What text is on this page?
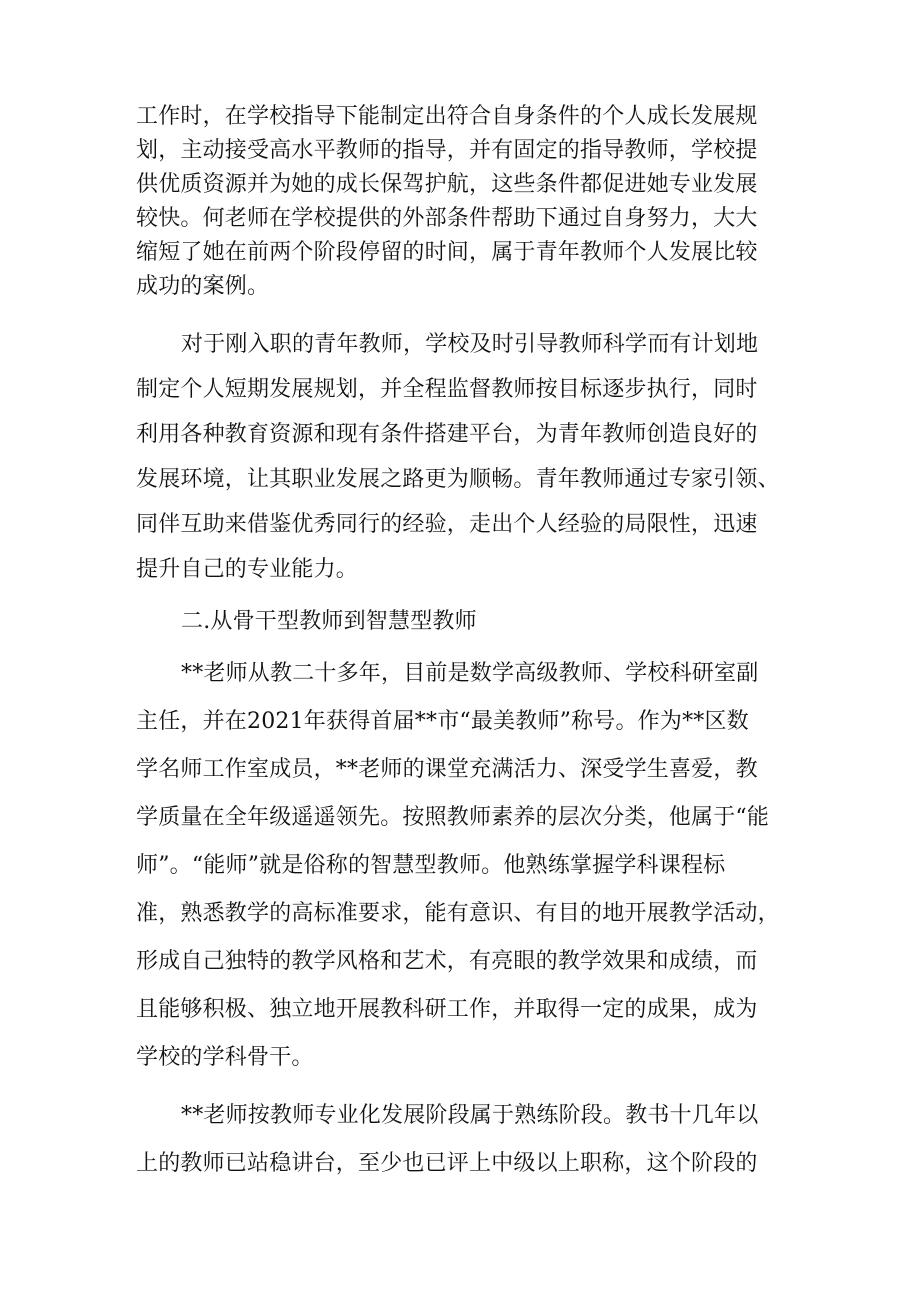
工作时，在学校指导下能制定出符合自身条件的个人成长发展规
划，主动接受高水平教师的指导，并有固定的指导教师，学校提
供优质资源并为她的成长保驾护航，这些条件都促进她专业发展
较快。何老师在学校提供的外部条件帮助下通过自身努力，大大
缩短了她在前两个阶段停留的时间，属于青年教师个人发展比较
成功的案例。
对于刚入职的青年教师，学校及时引导教师科学而有计划地
制定个人短期发展规划，并全程监督教师按目标逐步执行，同时
利用各种教育资源和现有条件搭建平台，为青年教师创造良好的
发展环境，让其职业发展之路更为顺畅。青年教师通过专家引领、
同伴互助来借鉴优秀同行的经验，走出个人经验的局限性，迅速
提升自己的专业能力。
二.从骨干型教师到智慧型教师
**老师从教二十多年，目前是数学高级教师、学校科研室副
主任，并在2021年获得首届**市“最美教师”称号。作为**区数
学名师工作室成员，**老师的课堂充满活力、深受学生喜爱，教
学质量在全年级遥遥领先。按照教师素养的层次分类，他属于“能
师”。“能师”就是俗称的智慧型教师。他熟练掌握学科课程标
准，熟悉教学的高标准要求，能有意识、有目的地开展教学活动，
形成自己独特的教学风格和艺术，有亮眼的教学效果和成绩，而
且能够积极、独立地开展教科研工作，并取得一定的成果，成为
学校的学科骨干。
**老师按教师专业化发展阶段属于熟练阶段。教书十几年以
上的教师已站稳讲台，至少也已评上中级以上职称，这个阶段的
